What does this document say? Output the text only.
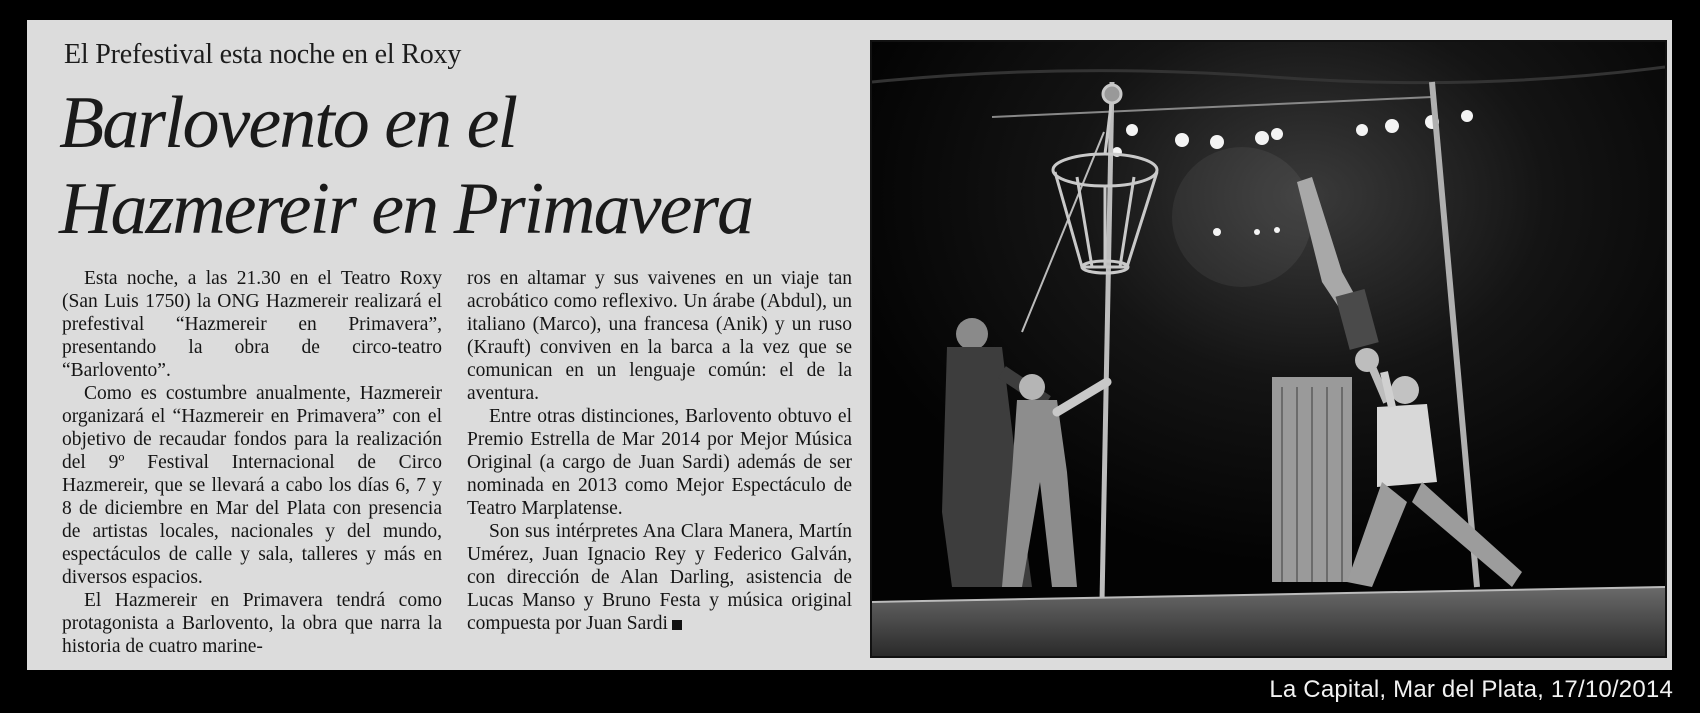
El Prefestival esta noche en el Roxy
Barlovento en el
Hazmereir en Primavera

Esta noche, a las 21.30 en el Teatro Roxy (San Luis 1750) la ONG Hazmereir realizará el prefestival “Hazmereir en Primavera”, presentando la obra de circo-teatro “Barlovento”.

Como es costumbre anualmente, Hazmereir organizará el “Hazmereir en Primavera” con el objetivo de recaudar fondos para la realización del 9º Festival Internacional de Circo Hazmereir, que se llevará a cabo los días 6, 7 y 8 de diciembre en Mar del Plata con presencia de artistas locales, nacionales y del mundo, espectáculos de calle y sala, talleres y más en diversos espacios.

El Hazmereir en Primavera tendrá como protagonista a Barlovento, la obra que narra la historia de cuatro marine-

ros en altamar y sus vaivenes en un viaje tan acrobático como reflexivo. Un árabe (Abdul), un italiano (Marco), una francesa (Anik) y un ruso (Krauft) conviven en la barca a la vez que se comunican en un lenguaje común: el de la aventura.

Entre otras distinciones, Barlovento obtuvo el Premio Estrella de Mar 2014 por Mejor Música Original (a cargo de Juan Sardi) además de ser nominada en 2013 como Mejor Espectáculo de Teatro Marplatense.

Son sus intérpretes Ana Clara Manera, Martín Umérez, Juan Ignacio Rey y Federico Galván, con dirección de Alan Darling, asistencia de Lucas Manso y Bruno Festa y música original compuesta por Juan Sardi

La Capital, Mar del Plata, 17/10/2014
